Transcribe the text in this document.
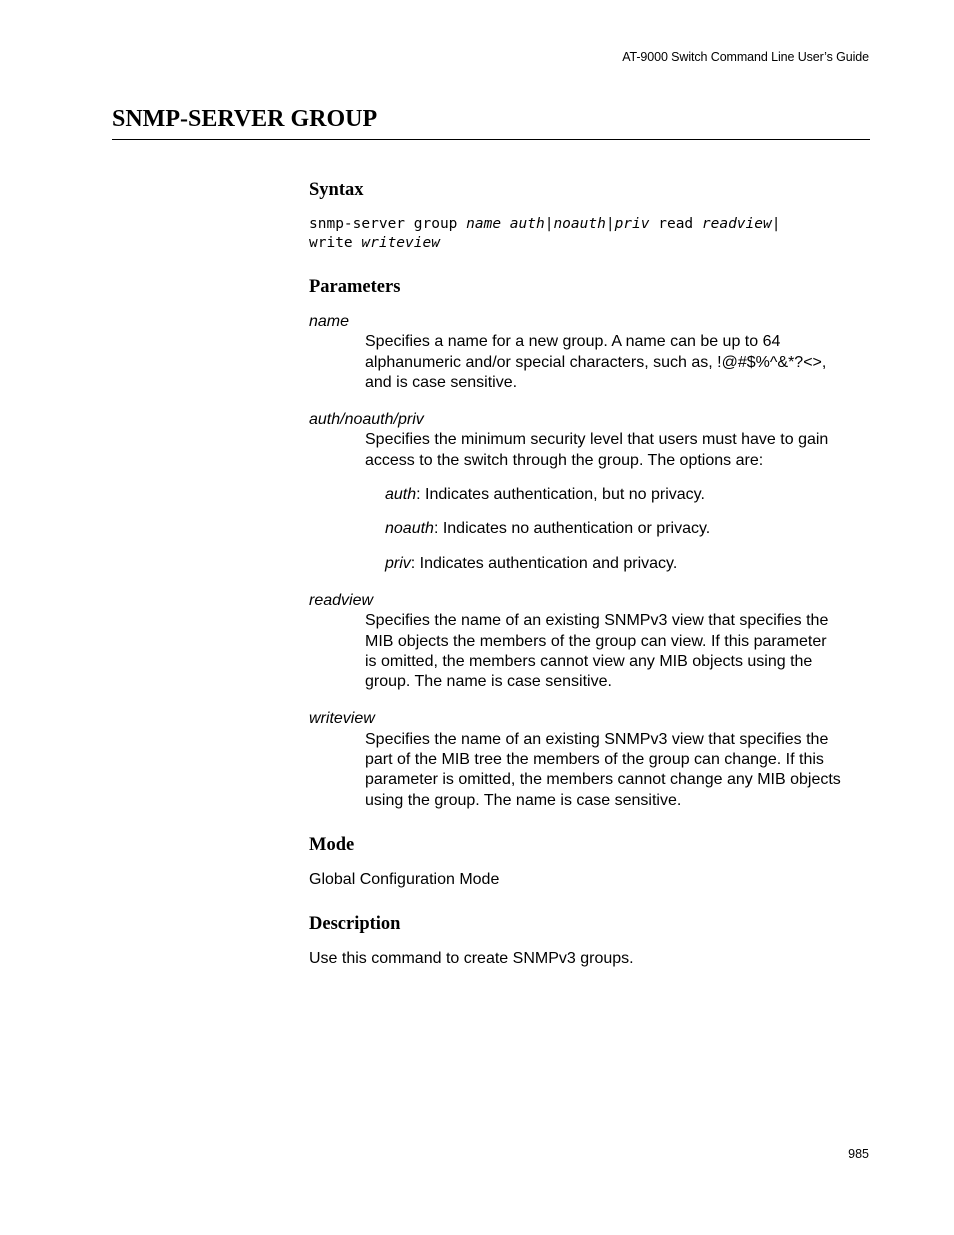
AT-9000 Switch Command Line User’s Guide
SNMP-SERVER GROUP
Syntax
snmp-server group name auth|noauth|priv read readview|
write writeview
Parameters
name
Specifies a name for a new group. A name can be up to 64
alphanumeric and/or special characters, such as, !@#$%^&*?<>,
and is case sensitive.
auth/noauth/priv
Specifies the minimum security level that users must have to gain
access to the switch through the group. The options are:
auth: Indicates authentication, but no privacy.
noauth: Indicates no authentication or privacy.
priv: Indicates authentication and privacy.
readview
Specifies the name of an existing SNMPv3 view that specifies the
MIB objects the members of the group can view. If this parameter
is omitted, the members cannot view any MIB objects using the
group. The name is case sensitive.
writeview
Specifies the name of an existing SNMPv3 view that specifies the
part of the MIB tree the members of the group can change. If this
parameter is omitted, the members cannot change any MIB objects
using the group. The name is case sensitive.
Mode
Global Configuration Mode
Description
Use this command to create SNMPv3 groups.
985
